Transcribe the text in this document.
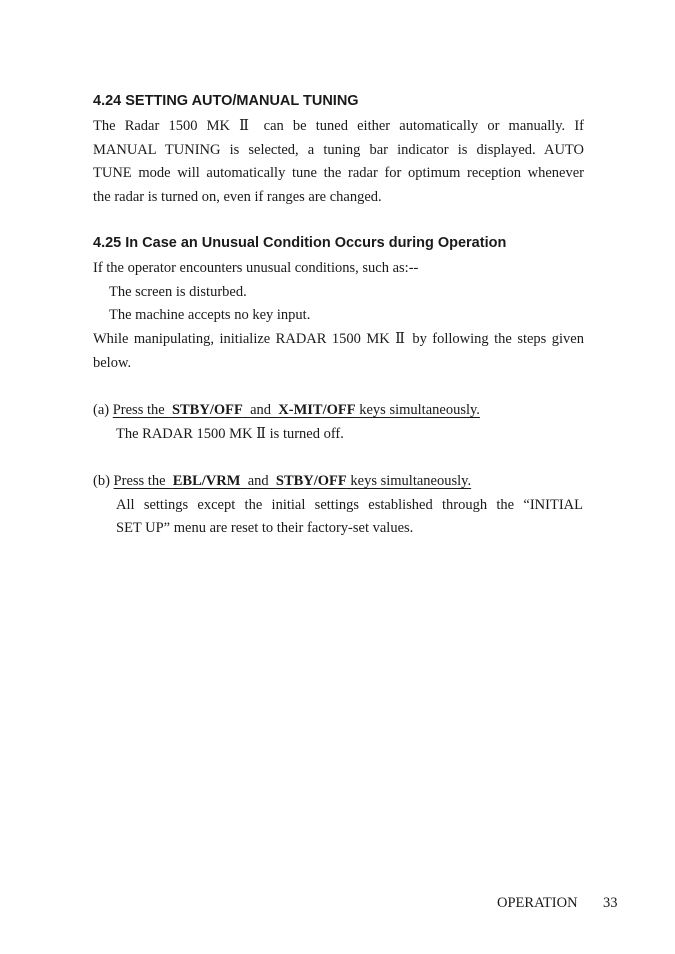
4.24 SETTING AUTO/MANUAL TUNING
The Radar 1500 MK Ⅱ can be tuned either automatically or manually. If
MANUAL TUNING is selected, a tuning bar indicator is displayed. AUTO
TUNE mode will automatically tune the radar for optimum reception whenever
the radar is turned on, even if ranges are changed.
4.25 In Case an Unusual Condition Occurs during Operation
If the operator encounters unusual conditions, such as:--
The screen is disturbed.
The machine accepts no key input.
While manipulating, initialize RADAR 1500 MK Ⅱ by following the steps given
below.
(a) Press the  STBY/OFF and X-MIT/OFF keys simultaneously.
The RADAR 1500 MK Ⅱ is turned off.
(b) Press the  EBL/VRM and STBY/OFF keys simultaneously.
All settings except the initial settings established through the “INITIAL
SET UP” menu are reset to their factory-set values.
OPERATION 33
